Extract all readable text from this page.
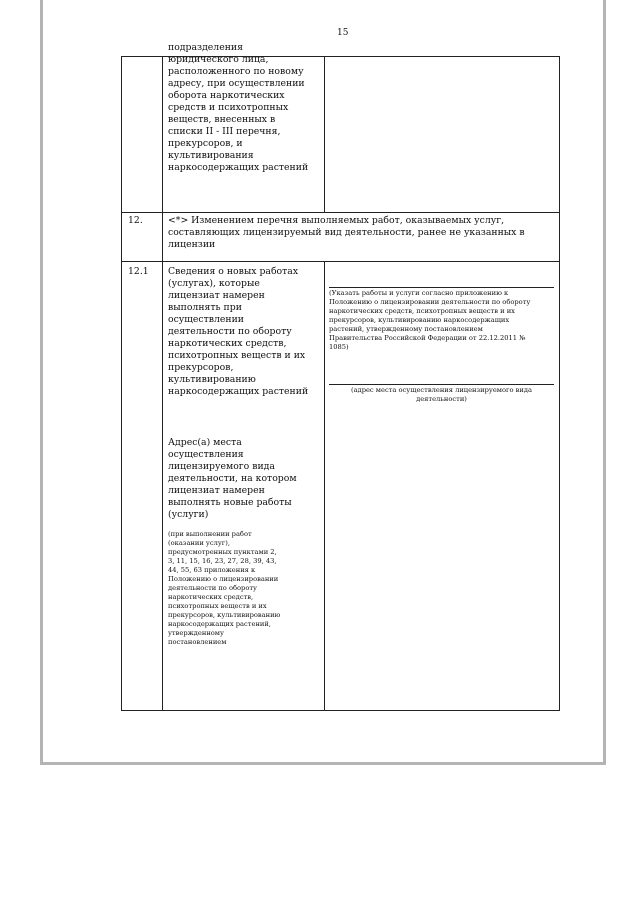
15
подразделения
юридического лица,
расположенного по новому
адресу, при осуществлении
оборота наркотических
средств и психотропных
веществ, внесенных в
списки II - III перечня,
прекурсоров, и
культивирования
наркосодержащих растений
12.	<*> Изменением перечня выполняемых работ, оказываемых услуг,
составляющих лицензируемый вид деятельности, ранее не указанных в
лицензии
12.1 Сведения о новых работах
(услугах), которые
лицензиат намерен
выполнять при
осуществлении
деятельности по обороту
наркотических средств,
психотропных веществ и их
прекурсоров,
культивированию
наркосодержащих растений
Адрес(а) места
осуществления
лицензируемого вида
деятельности, на котором
лицензиат намерен
выполнять новые работы
(услуги)
(при выполнении работ
(оказании услуг),
предусмотренных пунктами 2,
3, 11, 15, 16, 23, 27, 28, 39, 43,
44, 55, 63 приложения к
Положению о лицензировании
деятельности по обороту
наркотических средств,
психотропных веществ и их
прекурсоров, культивированию
наркосодержащих растений,
утвержденному
постановлением
(Указать работы и услуги согласно приложению к
Положению о лицензировании деятельности по обороту
наркотических средств, психотропных веществ и их
прекурсоров, культивированию наркосодержащих
растений, утвержденному постановлением
Правительства Российской Федерации от 22.12.2011 №
1085)
(адрес места осуществления лицензируемого вида
деятельности)
